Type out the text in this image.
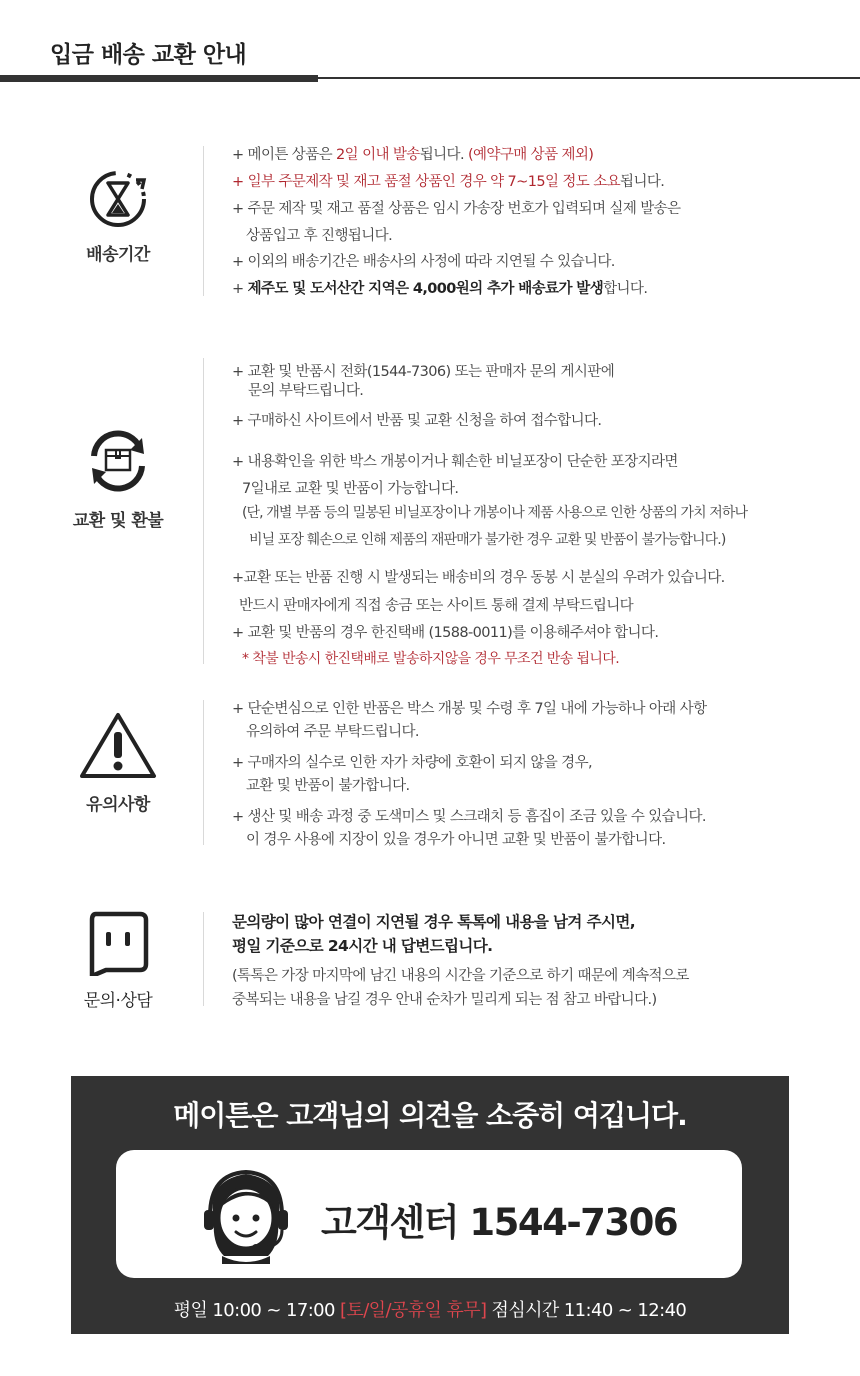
입금 배송 교환 안내
배송기간
+ 메이튼 상품은 2일 이내 발송됩니다. (예약구매 상품 제외)
+ 일부 주문제작 및 재고 품절 상품인 경우 약 7~15일 정도 소요됩니다.
+ 주문 제작 및 재고 품절 상품은 임시 가송장 번호가 입력되며 실제 발송은
상품입고 후 진행됩니다.
+ 이외의 배송기간은 배송사의 사정에 따라 지연될 수 있습니다.
+ 제주도 및 도서산간 지역은 4,000원의 추가 배송료가 발생합니다.
교환 및 환불
+ 교환 및 반품시 전화(1544-7306) 또는 판매자 문의 게시판에
문의 부탁드립니다.
+ 구매하신 사이트에서 반품 및 교환 신청을 하여 접수합니다.
+ 내용확인을 위한 박스 개봉이거나 훼손한 비닐포장이 단순한 포장지라면
7일내로 교환 및 반품이 가능합니다.
(단, 개별 부품 등의 밀봉된 비닐포장이나 개봉이나 제품 사용으로 인한 상품의 가치 저하나
비닐 포장 훼손으로 인해 제품의 재판매가 불가한 경우 교환 및 반품이 불가능합니다.)
+교환 또는 반품 진행 시 발생되는 배송비의 경우 동봉 시 분실의 우려가 있습니다.
반드시 판매자에게 직접 송금 또는 사이트 통해 결제 부탁드립니다
+ 교환 및 반품의 경우 한진택배 (1588-0011)를 이용해주셔야 합니다.
* 착불 반송시 한진택배로 발송하지않을 경우 무조건 반송 됩니다.
유의사항
+ 단순변심으로 인한 반품은 박스 개봉 및 수령 후 7일 내에 가능하나 아래 사항
유의하여 주문 부탁드립니다.
+ 구매자의 실수로 인한 자가 차량에 호환이 되지 않을 경우,
교환 및 반품이 불가합니다.
+ 생산 및 배송 과정 중 도색미스 및 스크래치 등 흠집이 조금 있을 수 있습니다.
이 경우 사용에 지장이 있을 경우가 아니면 교환 및 반품이 불가합니다.
문의·상담
문의량이 많아 연결이 지연될 경우 톡톡에 내용을 남겨 주시면,
평일 기준으로 24시간 내 답변드립니다.
(톡톡은 가장 마지막에 남긴 내용의 시간을 기준으로 하기 때문에 계속적으로
중복되는 내용을 남길 경우 안내 순차가 밀리게 되는 점 참고 바랍니다.)
메이튼은 고객님의 의견을 소중히 여깁니다.
고객센터 1544-7306
평일 10:00 ~ 17:00 [토/일/공휴일 휴무] 점심시간 11:40 ~ 12:40
